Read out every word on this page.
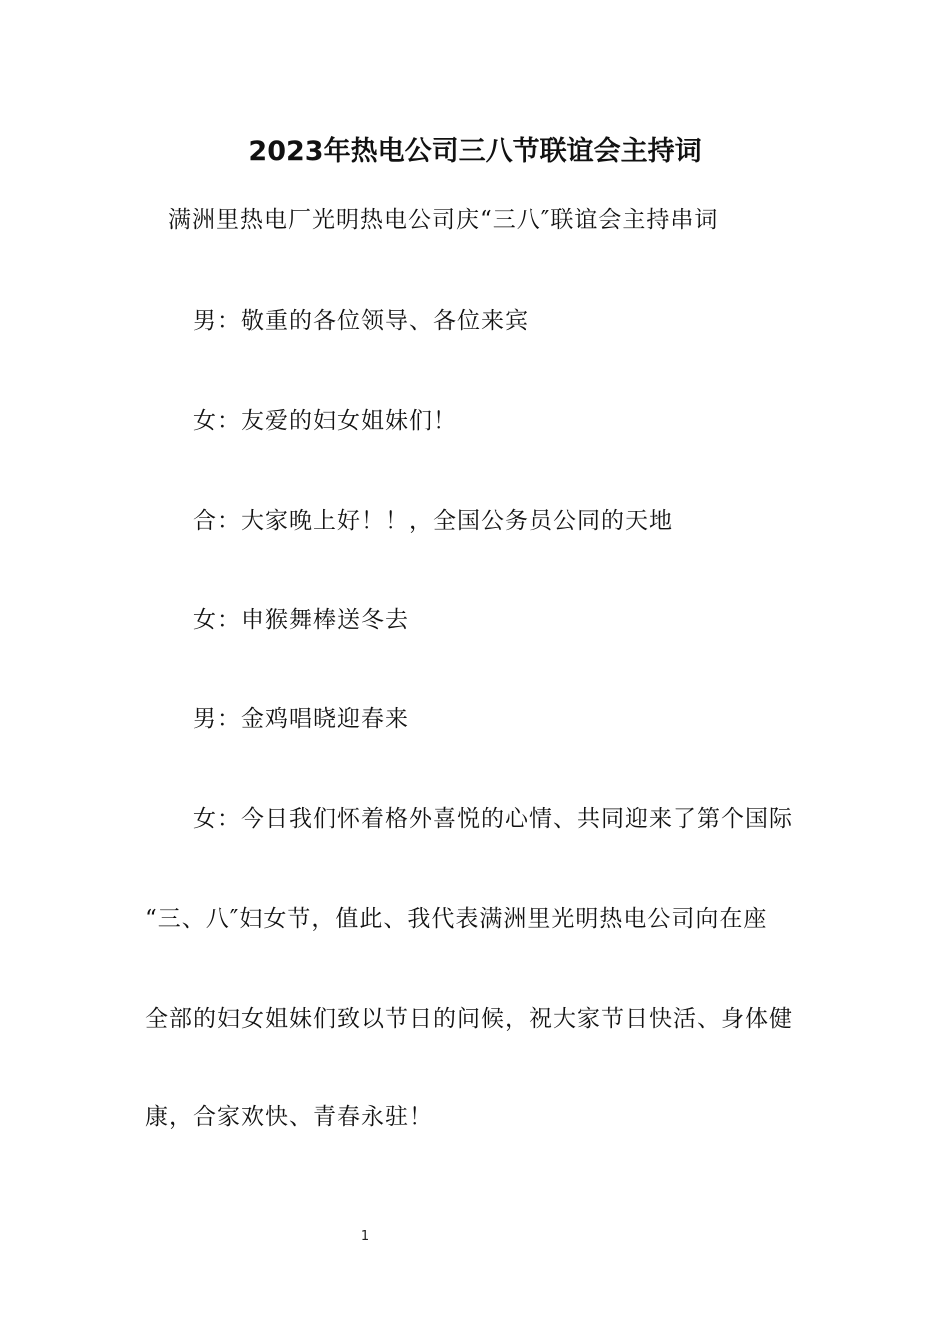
2023年热电公司三八节联谊会主持词
满洲里热电厂光明热电公司庆“三八″联谊会主持串词
男：敬重的各位领导、各位来宾
女：友爱的妇女姐妹们！
合：大家晚上好！！，全国公务员公同的天地
女：申猴舞棒送冬去
男：金鸡唱晓迎春来
女：今日我们怀着格外喜悦的心情、共同迎来了第个国际
“三、八″妇女节，值此、我代表满洲里光明热电公司向在座
全部的妇女姐妹们致以节日的问候，祝大家节日快活、身体健
康，合家欢快、青春永驻！
1
